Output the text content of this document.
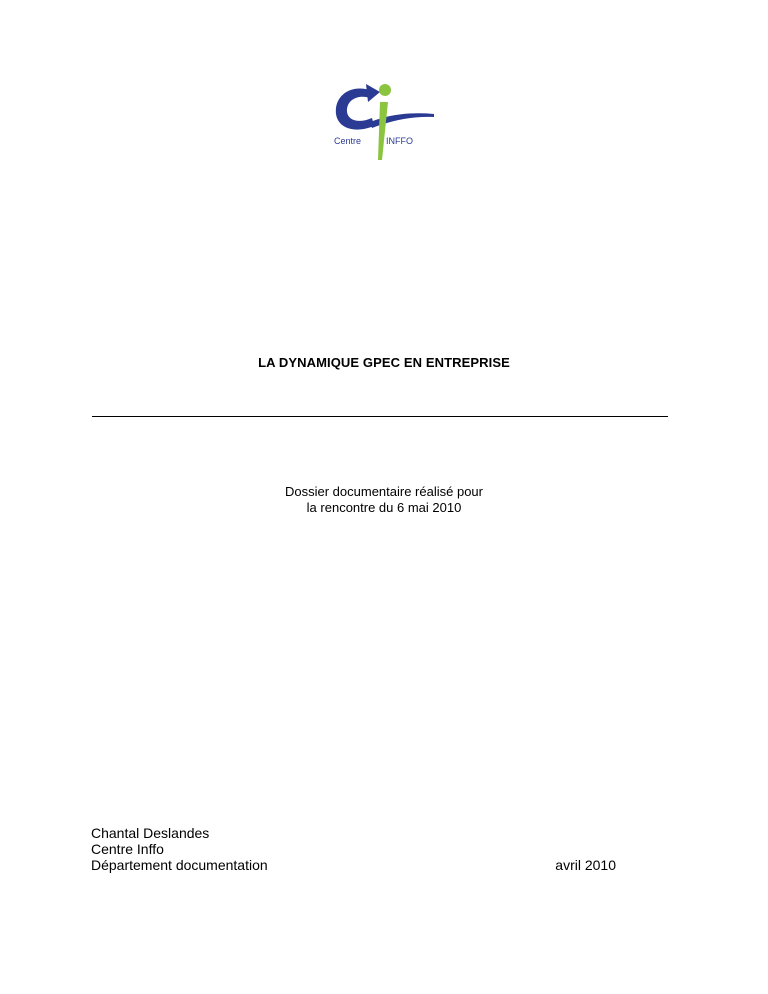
Centre	INFFO
LA DYNAMIQUE GPEC EN ENTREPRISE
Dossier documentaire réalisé pour
la rencontre du 6 mai 2010
Chantal Deslandes
Centre Inffo
Département documentation	avril 2010
